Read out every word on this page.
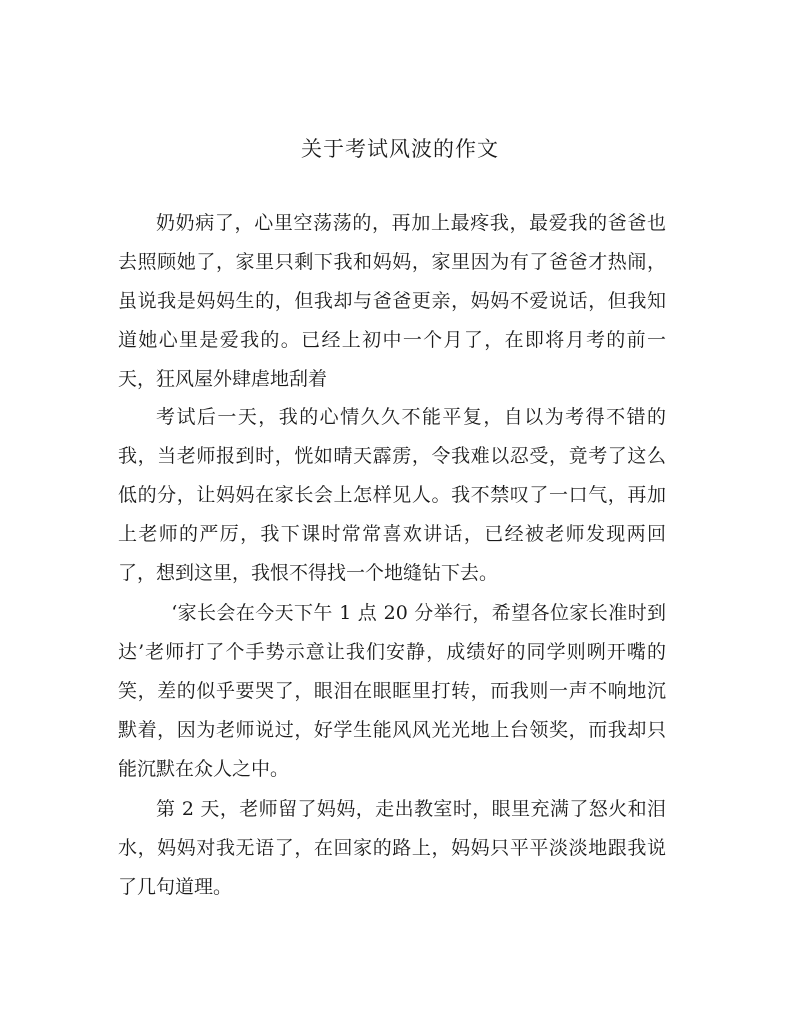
关于考试风波的作文

奶奶病了，心里空荡荡的，再加上最疼我，最爱我的爸爸也去照顾她了，家里只剩下我和妈妈，家里因为有了爸爸才热闹，虽说我是妈妈生的，但我却与爸爸更亲，妈妈不爱说话，但我知道她心里是爱我的。已经上初中一个月了，在即将月考的前一天，狂风屋外肆虐地刮着

考试后一天，我的心情久久不能平复，自以为考得不错的我，当老师报到时，恍如晴天霹雳，令我难以忍受，竟考了这么低的分，让妈妈在家长会上怎样见人。我不禁叹了一口气，再加上老师的严厉，我下课时常常喜欢讲话，已经被老师发现两回了，想到这里，我恨不得找一个地缝钻下去。

‘家长会在今天下午 1 点 20 分举行，希望各位家长准时到达’老师打了个手势示意让我们安静，成绩好的同学则咧开嘴的笑，差的似乎要哭了，眼泪在眼眶里打转，而我则一声不响地沉默着，因为老师说过，好学生能风风光光地上台领奖，而我却只能沉默在众人之中。

第 2 天，老师留了妈妈，走出教室时，眼里充满了怒火和泪水，妈妈对我无语了，在回家的路上，妈妈只平平淡淡地跟我说了几句道理。
